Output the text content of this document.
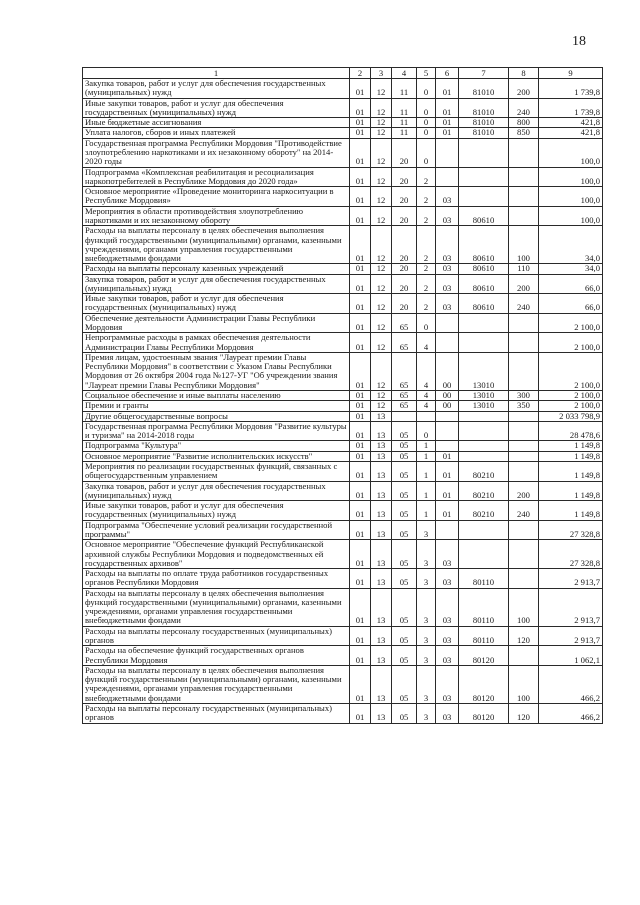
18
1	2	3	4	5	6	7	8	9
Закупка товаров, работ и услуг для обеспечения государственных (муниципальных) нужд	01	12	11	0	01	81010	200	1 739,8
Иные закупки товаров, работ и услуг для обеспечения государственных (муниципальных) нужд	01	12	11	0	01	81010	240	1 739,8
Иные бюджетные ассигнования	01	12	11	0	01	81010	800	421,8
Уплата налогов, сборов и иных платежей	01	12	11	0	01	81010	850	421,8
Государственная программа Республики Мордовия "Противодействие злоупотреблению наркотиками и их незаконному обороту" на 2014-2020 годы	01	12	20	0				100,0
Подпрограмма «Комплексная реабилитация и ресоциализация наркопотребителей в Республике Мордовия до 2020 года»	01	12	20	2				100,0
Основное мероприятие «Проведение мониторинга наркоситуации в Республике Мордовия»	01	12	20	2	03			100,0
Мероприятия в области противодействия злоупотреблению наркотиками и их незаконному обороту	01	12	20	2	03	80610		100,0
Расходы на выплаты персоналу в целях обеспечения выполнения функций государственными (муниципальными) органами, казенными учреждениями, органами управления государственными внебюджетными фондами	01	12	20	2	03	80610	100	34,0
Расходы на выплаты персоналу казенных учреждений	01	12	20	2	03	80610	110	34,0
Закупка товаров, работ и услуг для обеспечения государственных (муниципальных) нужд	01	12	20	2	03	80610	200	66,0
Иные закупки товаров, работ и услуг для обеспечения государственных (муниципальных) нужд	01	12	20	2	03	80610	240	66,0
Обеспечение деятельности Администрации Главы Республики Мордовия	01	12	65	0				2 100,0
Непрограммные расходы в рамках обеспечения деятельности Администрации Главы Республики Мордовия	01	12	65	4				2 100,0
Премия лицам, удостоенным звания "Лауреат премии Главы Республики Мордовия" в соответствии с Указом Главы Республики Мордовия от 26 октября 2004 года №127-УГ "Об учреждении звания "Лауреат премии Главы Республики Мордовия"	01	12	65	4	00	13010		2 100,0
Социальное обеспечение и иные выплаты населению	01	12	65	4	00	13010	300	2 100,0
Премии и гранты	01	12	65	4	00	13010	350	2 100,0
Другие общегосударственные вопросы	01	13						2 033 798,9
Государственная программа Республики Мордовия "Развитие культуры и туризма" на 2014-2018 годы	01	13	05	0				28 478,6
Подпрограмма "Культура"	01	13	05	1				1 149,8
Основное мероприятие "Развитие исполнительских искусств"	01	13	05	1	01			1 149,8
Мероприятия по реализации государственных функций, связанных с общегосударственным управлением	01	13	05	1	01	80210		1 149,8
Закупка товаров, работ и услуг для обеспечения государственных (муниципальных) нужд	01	13	05	1	01	80210	200	1 149,8
Иные закупки товаров, работ и услуг для обеспечения государственных (муниципальных) нужд	01	13	05	1	01	80210	240	1 149,8
Подпрограмма "Обеспечение условий реализации государственной программы"	01	13	05	3				27 328,8
Основное мероприятие "Обеспечение функций Республиканской архивной службы Республики Мордовия и подведомственных ей государственных архивов"	01	13	05	3	03			27 328,8
Расходы на выплаты по оплате труда работников государственных органов Республики Мордовия	01	13	05	3	03	80110		2 913,7
Расходы на выплаты персоналу в целях обеспечения выполнения функций государственными (муниципальными) органами, казенными учреждениями, органами управления государственными внебюджетными фондами	01	13	05	3	03	80110	100	2 913,7
Расходы на выплаты персоналу государственных (муниципальных) органов	01	13	05	3	03	80110	120	2 913,7
Расходы на обеспечение функций государственных органов Республики Мордовия	01	13	05	3	03	80120		1 062,1
Расходы на выплаты персоналу в целях обеспечения выполнения функций государственными (муниципальными) органами, казенными учреждениями, органами управления государственными внебюджетными фондами	01	13	05	3	03	80120	100	466,2
Расходы на выплаты персоналу государственных (муниципальных) органов	01	13	05	3	03	80120	120	466,2
